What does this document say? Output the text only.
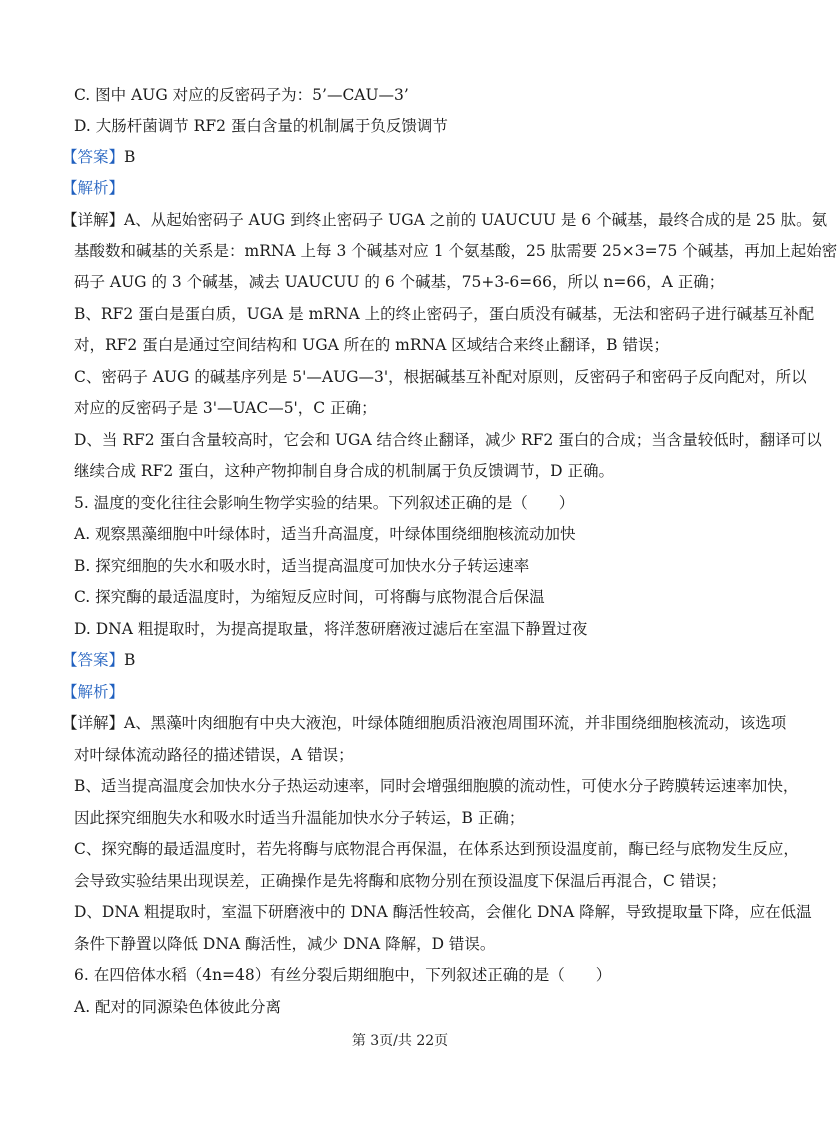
C. 图中 AUG 对应的反密码子为：5’—CAU—3’
D. 大肠杆菌调节 RF2 蛋白含量的机制属于负反馈调节
【答案】B
【解析】
【详解】A、从起始密码子 AUG 到终止密码子 UGA 之前的 UAUCUU 是 6 个碱基，最终合成的是 25 肽。氨
基酸数和碱基的关系是：mRNA 上每 3 个碱基对应 1 个氨基酸，25 肽需要 25×3=75 个碱基，再加上起始密
码子 AUG 的 3 个碱基，减去 UAUCUU 的 6 个碱基，75+3-6=66，所以 n=66，A 正确；
B、RF2 蛋白是蛋白质，UGA 是 mRNA 上的终止密码子，蛋白质没有碱基，无法和密码子进行碱基互补配
对，RF2 蛋白是通过空间结构和 UGA 所在的 mRNA 区域结合来终止翻译，B 错误；
C、密码子 AUG 的碱基序列是 5'—AUG—3'，根据碱基互补配对原则，反密码子和密码子反向配对，所以
对应的反密码子是 3'—UAC—5'，C 正确；
D、当 RF2 蛋白含量较高时，它会和 UGA 结合终止翻译，减少 RF2 蛋白的合成；当含量较低时，翻译可以
继续合成 RF2 蛋白，这种产物抑制自身合成的机制属于负反馈调节，D 正确。
5. 温度的变化往往会影响生物学实验的结果。下列叙述正确的是（　　）
A. 观察黑藻细胞中叶绿体时，适当升高温度，叶绿体围绕细胞核流动加快
B. 探究细胞的失水和吸水时，适当提高温度可加快水分子转运速率
C. 探究酶的最适温度时，为缩短反应时间，可将酶与底物混合后保温
D. DNA 粗提取时，为提高提取量，将洋葱研磨液过滤后在室温下静置过夜
【答案】B
【解析】
【详解】A、黑藻叶肉细胞有中央大液泡，叶绿体随细胞质沿液泡周围环流，并非围绕细胞核流动，该选项
对叶绿体流动路径的描述错误，A 错误；
B、适当提高温度会加快水分子热运动速率，同时会增强细胞膜的流动性，可使水分子跨膜转运速率加快，
因此探究细胞失水和吸水时适当升温能加快水分子转运，B 正确；
C、探究酶的最适温度时，若先将酶与底物混合再保温，在体系达到预设温度前，酶已经与底物发生反应，
会导致实验结果出现误差，正确操作是先将酶和底物分别在预设温度下保温后再混合，C 错误；
D、DNA 粗提取时，室温下研磨液中的 DNA 酶活性较高，会催化 DNA 降解，导致提取量下降，应在低温
条件下静置以降低 DNA 酶活性，减少 DNA 降解，D 错误。
6. 在四倍体水稻（4n=48）有丝分裂后期细胞中，下列叙述正确的是（　　）
A. 配对的同源染色体彼此分离
第 3页/共 22页
